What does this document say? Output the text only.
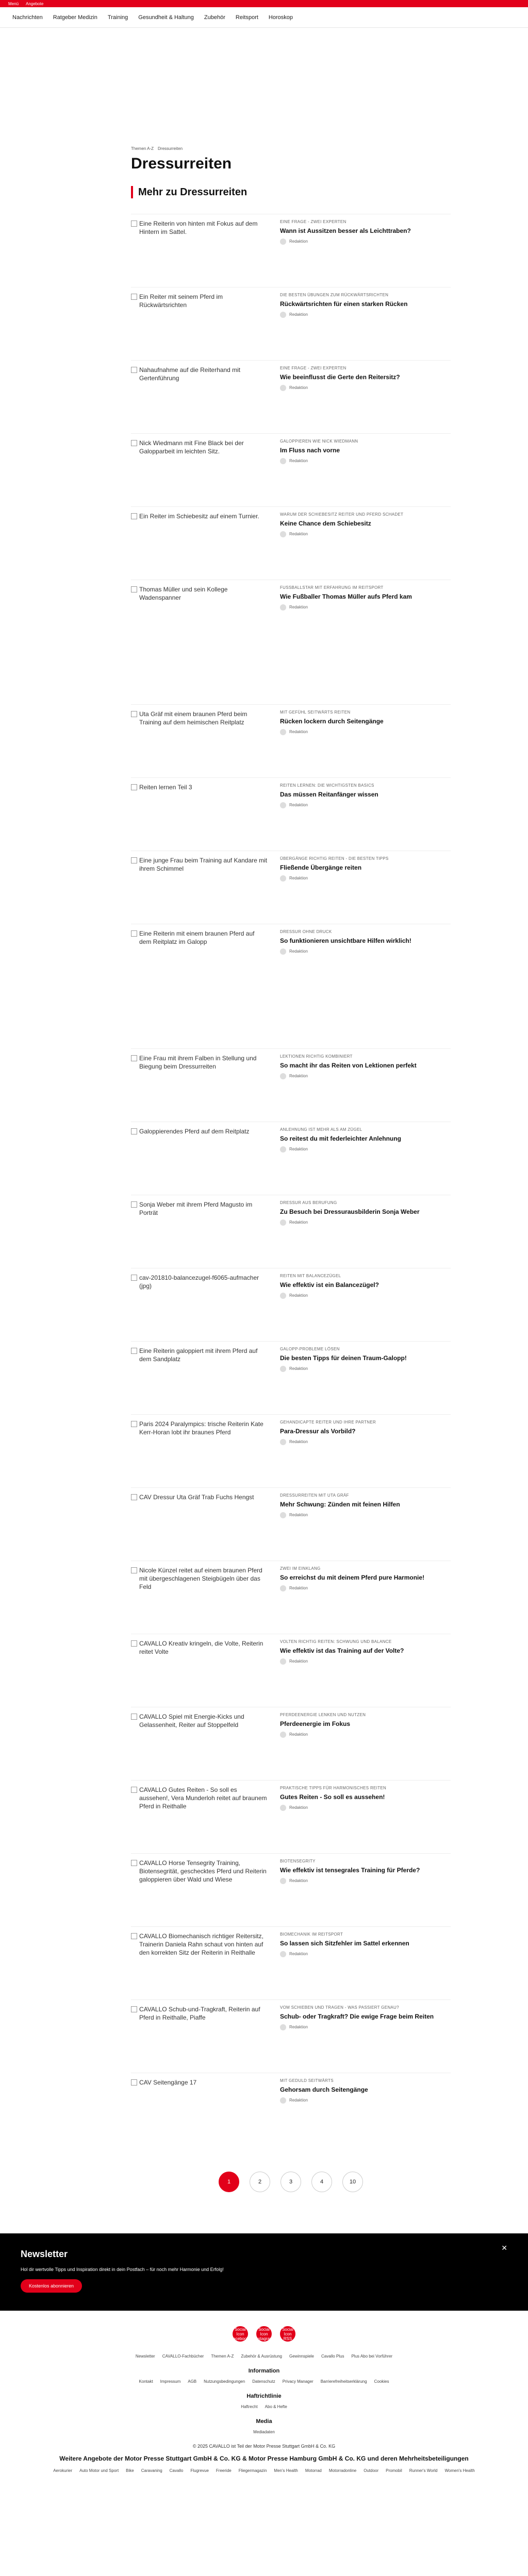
Menü Angebote
Nachrichten Ratgeber Medizin Training Gesundheit & Haltung Zubehör Reitsport Horoskop
Themen A-Z Dressurreiten
Dressurreiten
Mehr zu Dressurreiten
Eine Reiterin von hinten mit Fokus auf dem Hintern im Sattel.
EINE FRAGE - ZWEI EXPERTEN
Wann ist Aussitzen besser als Leichttraben?
Redaktion
Ein Reiter mit seinem Pferd im Rückwärtsrichten
DIE BESTEN ÜBUNGEN ZUM RÜCKWÄRTSRICHTEN
Rückwärtsrichten für einen starken Rücken
Redaktion
Nahaufnahme auf die Reiterhand mit Gertenführung
EINE FRAGE - ZWEI EXPERTEN
Wie beeinflusst die Gerte den Reitersitz?
Redaktion
Nick Wiedmann mit Fine Black bei der Galopparbeit im leichten Sitz.
GALOPPIEREN WIE NICK WIEDMANN
Im Fluss nach vorne
Redaktion
Ein Reiter im Schiebesitz auf einem Turnier.	WARUM DER SCHIEBESITZ REITER UND PFERD SCHADET
Keine Chance dem Schiebesitz
Redaktion
Thomas Müller und sein Kollege Wadenspanner
FUSSBALLSTAR MIT ERFAHRUNG IM REITSPORT
Wie Fußballer Thomas Müller aufs Pferd kam
Redaktion
Uta Gräf mit einem braunen Pferd beim Training auf dem heimischen Reitplatz
MIT GEFÜHL SEITWÄRTS REITEN
Rücken lockern durch Seitengänge
Redaktion
Reiten lernen Teil 3	REITEN LERNEN: DIE WICHTIGSTEN BASICS
Das müssen Reitanfänger wissen
Redaktion
Eine junge Frau beim Training auf Kandare mit ihrem Schimmel
ÜBERGÄNGE RICHTIG REITEN - DIE BESTEN TIPPS
Fließende Übergänge reiten
Redaktion
Eine Reiterin mit einem braunen Pferd auf dem Reitplatz im Galopp
DRESSUR OHNE DRUCK
So funktionieren unsichtbare Hilfen wirklich!
Redaktion
Eine Frau mit ihrem Falben in Stellung und Biegung beim Dressurreiten
LEKTIONEN RICHTIG KOMBINIERT
So macht ihr das Reiten von Lektionen perfekt
Redaktion
Galoppierendes Pferd auf dem Reitplatz	ANLEHNUNG IST MEHR ALS AM ZÜGEL
So reitest du mit federleichter Anlehnung
Redaktion
Sonja Weber mit ihrem Pferd Magusto im Porträt
DRESSUR AUS BERUFUNG
Zu Besuch bei Dressurausbilderin Sonja Weber
Redaktion
cav-201810-balancezugel-f6065-aufmacher (jpg)
REITEN MIT BALANCEZÜGEL
Wie effektiv ist ein Balancezügel?
Redaktion
Eine Reiterin galoppiert mit ihrem Pferd auf dem Sandplatz
GALOPP-PROBLEME LÖSEN
Die besten Tipps für deinen Traum-Galopp!
Redaktion
Paris 2024 Paralympics: trische Reiterin Kate Kerr-Horan lobt ihr braunes Pferd
GEHANDICAPTE REITER UND IHRE PARTNER
Para-Dressur als Vorbild?
Redaktion
CAV Dressur Uta Gräf Trab Fuchs Hengst	DRESSURREITEN MIT UTA GRÄF
Mehr Schwung: Zünden mit feinen Hilfen
Redaktion
Nicole Künzel reitet auf einem braunen Pferd mit übergeschlagenen Steigbügeln über das Feld
ZWEI IM EINKLANG
So erreichst du mit deinem Pferd pure Harmonie!
Redaktion
CAVALLO Kreativ kringeln, die Volte, Reiterin reitet Volte
VOLTEN RICHTIG REITEN: SCHWUNG UND BALANCE
Wie effektiv ist das Training auf der Volte?
Redaktion
CAVALLO Spiel mit Energie-Kicks und Gelassenheit, Reiter auf Stoppelfeld
PFERDEENERGIE LENKEN UND NUTZEN
Pferdeenergie im Fokus
Redaktion
CAVALLO Gutes Reiten - So soll es aussehen!, Vera Munderloh reitet auf braunem Pferd in Reithalle
PRAKTISCHE TIPPS FÜR HARMONISCHES REITEN
Gutes Reiten - So soll es aussehen!
Redaktion
CAVALLO Horse Tensegrity Training, Biotensegrität, geschecktes Pferd und Reiterin galoppieren über Wald und Wiese
BIOTENSEGRITY
Wie effektiv ist tensegrales Training für Pferde?
Redaktion
CAVALLO Biomechanisch richtiger Reitersitz, Trainerin Daniela Rahn schaut von hinten auf den korrekten Sitz der Reiterin in Reithalle
BIOMECHANIK IM REITSPORT
So lassen sich Sitzfehler im Sattel erkennen
Redaktion
CAVALLO Schub-und-Tragkraft, Reiterin auf Pferd in Reithalle, Piaffe
VOM SCHIEBEN UND TRAGEN - WAS PASSIERT GENAU?
Schub- oder Tragkraft? Die ewige Frage beim Reiten
Redaktion
CAV Seitengänge 17	MIT GEDULD SEITWÄRTS
Gehorsam durch Seitengänge
Redaktion
1	2	3	4	10
✕
Newsletter

Hol dir wertvolle Tipps und Inspiration direkt in dein Postfach – für noch mehr Harmonie und Erfolg!

Kostenlos abonnieren
Social Icon facebook
Social Icon instagram
Social Icon RSS
Newsletter CAVALLO-Fachbücher Themen A-Z Zubehör & Ausrüstung Gewinnspiele Cavallo Plus Plus Abo bei Vorführer
Information
Kontakt Impressum AGB Nutzungsbedingungen Datenschutz Privacy Manager Barrierefreiheitserklärung Cookies
Haftrichtlinie
Haftrecht Abo & Hefte
Media
Mediadaten
© 2025 CAVALLO ist Teil der Motor Presse Stuttgart GmbH & Co. KG
Weitere Angebote der Motor Presse Stuttgart GmbH & Co. KG & Motor Presse Hamburg GmbH & Co. KG und deren Mehrheitsbeteiligungen
Aerokurier Auto Motor und Sport Bike Caravaning Cavallo Flugrevue Freeride Fliegermagazin Men's Health Motorrad Motorradonline Outdoor Promobil Runner's World Women's Health
